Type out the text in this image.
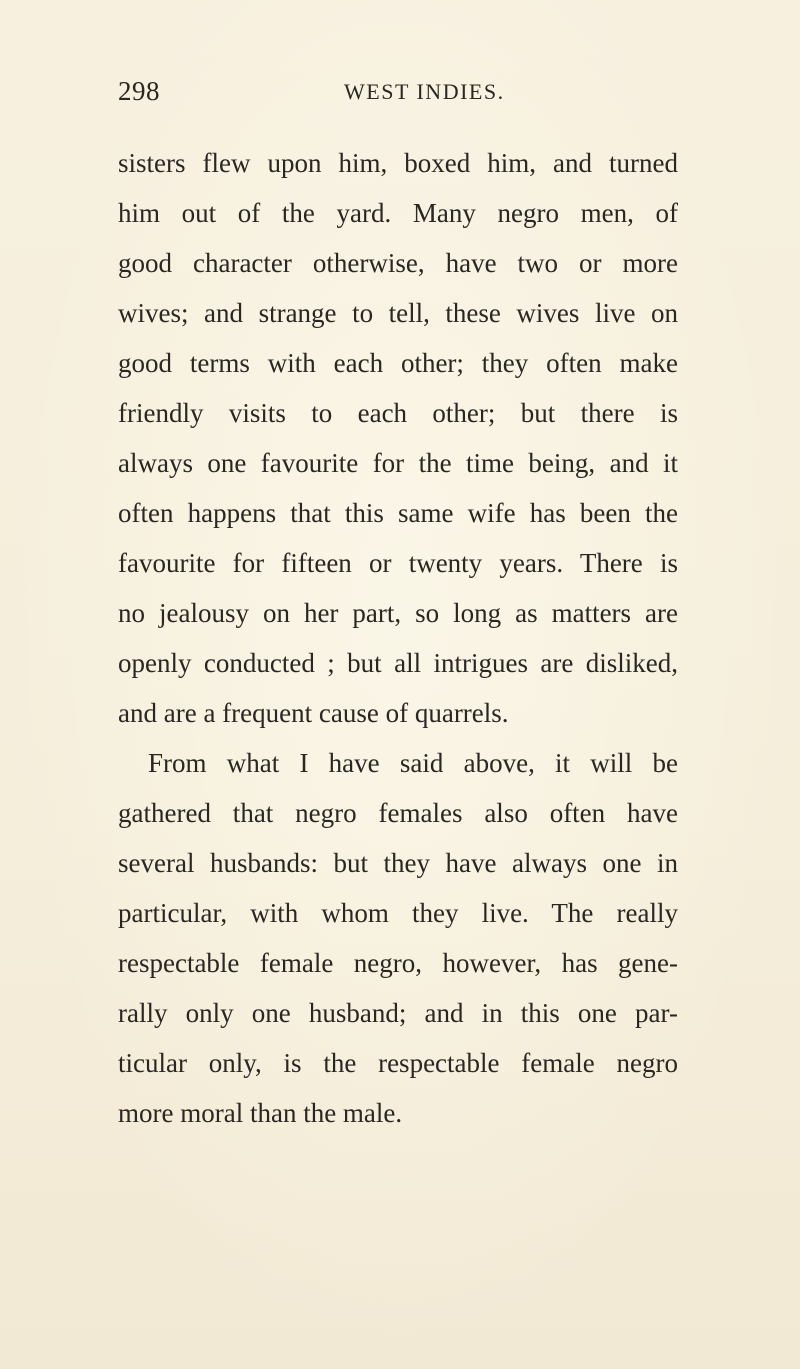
298	WEST INDIES.
sisters flew upon him, boxed him, and turned
him out of the yard. Many negro men, of
good character otherwise, have two or more
wives; and strange to tell, these wives live on
good terms with each other; they often make
friendly visits to each other; but there is
always one favourite for the time being, and it
often happens that this same wife has been the
favourite for fifteen or twenty years. There is
no jealousy on her part, so long as matters are
openly conducted ; but all intrigues are disliked,
and are a frequent cause of quarrels.
From what I have said above, it will be
gathered that negro females also often have
several husbands: but they have always one in
particular, with whom they live. The really
respectable female negro, however, has gene-
rally only one husband; and in this one par-
ticular only, is the respectable female negro
more moral than the male.
